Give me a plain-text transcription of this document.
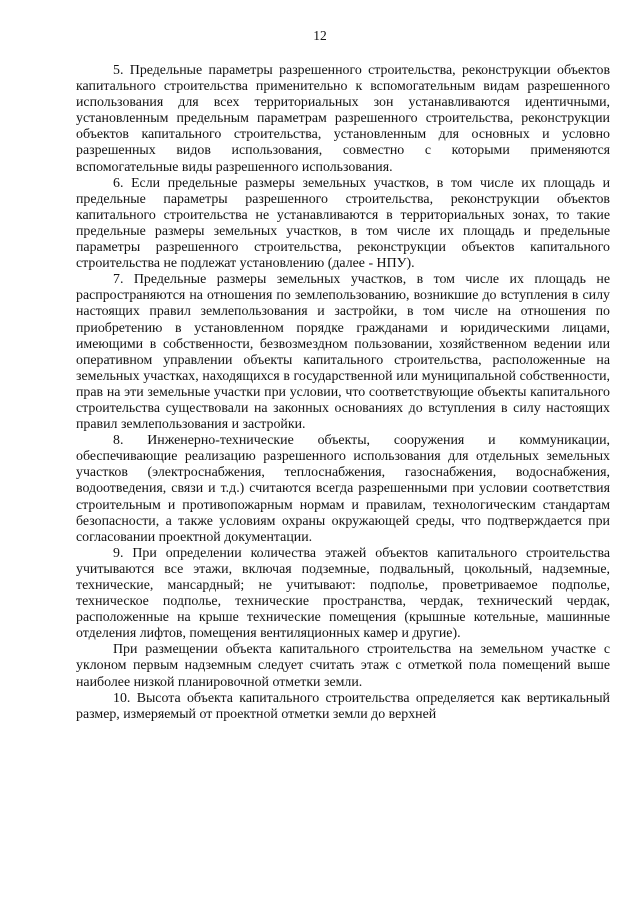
12

5. Предельные параметры разрешенного строительства, реконструкции объектов капитального строительства применительно к вспомогательным видам разрешенного использования для всех территориальных зон устанавливаются идентичными, установленным предельным параметрам разрешенного строительства, реконструкции объектов капитального строительства, установленным для основных и условно разрешенных видов использования, совместно с которыми применяются вспомогательные виды разрешенного использования.

6. Если предельные размеры земельных участков, в том числе их площадь и предельные параметры разрешенного строительства, реконструкции объектов капитального строительства не устанавливаются в территориальных зонах, то такие предельные размеры земельных участков, в том числе их площадь и предельные параметры разрешенного строительства, реконструкции объектов капитального строительства не подлежат установлению (далее - НПУ).

7. Предельные размеры земельных участков, в том числе их площадь не распространяются на отношения по землепользованию, возникшие до вступления в силу настоящих правил землепользования и застройки, в том числе на отношения по приобретению в установленном порядке гражданами и юридическими лицами, имеющими в собственности, безвозмездном пользовании, хозяйственном ведении или оперативном управлении объекты капитального строительства, расположенные на земельных участках, находящихся в государственной или муниципальной собственности, прав на эти земельные участки при условии, что соответствующие объекты капитального строительства существовали на законных основаниях до вступления в силу настоящих правил землепользования и застройки.

8. Инженерно-технические объекты, сооружения и коммуникации, обеспечивающие реализацию разрешенного использования для отдельных земельных участков (электроснабжения, теплоснабжения, газоснабжения, водоснабжения, водоотведения, связи и т.д.) считаются всегда разрешенными при условии соответствия строительным и противопожарным нормам и правилам, технологическим стандартам безопасности, а также условиям охраны окружающей среды, что подтверждается при согласовании проектной документации.

9. При определении количества этажей объектов капитального строительства учитываются все этажи, включая подземные, подвальный, цокольный, надземные, технические, мансардный; не учитывают: подполье, проветриваемое подполье, техническое подполье, технические пространства, чердак, технический чердак, расположенные на крыше технические помещения (крышные котельные, машинные отделения лифтов, помещения вентиляционных камер и другие).

При размещении объекта капитального строительства на земельном участке с уклоном первым надземным следует считать этаж с отметкой пола помещений выше наиболее низкой планировочной отметки земли.

10. Высота объекта капитального строительства определяется как вертикальный размер, измеряемый от проектной отметки земли до верхней
